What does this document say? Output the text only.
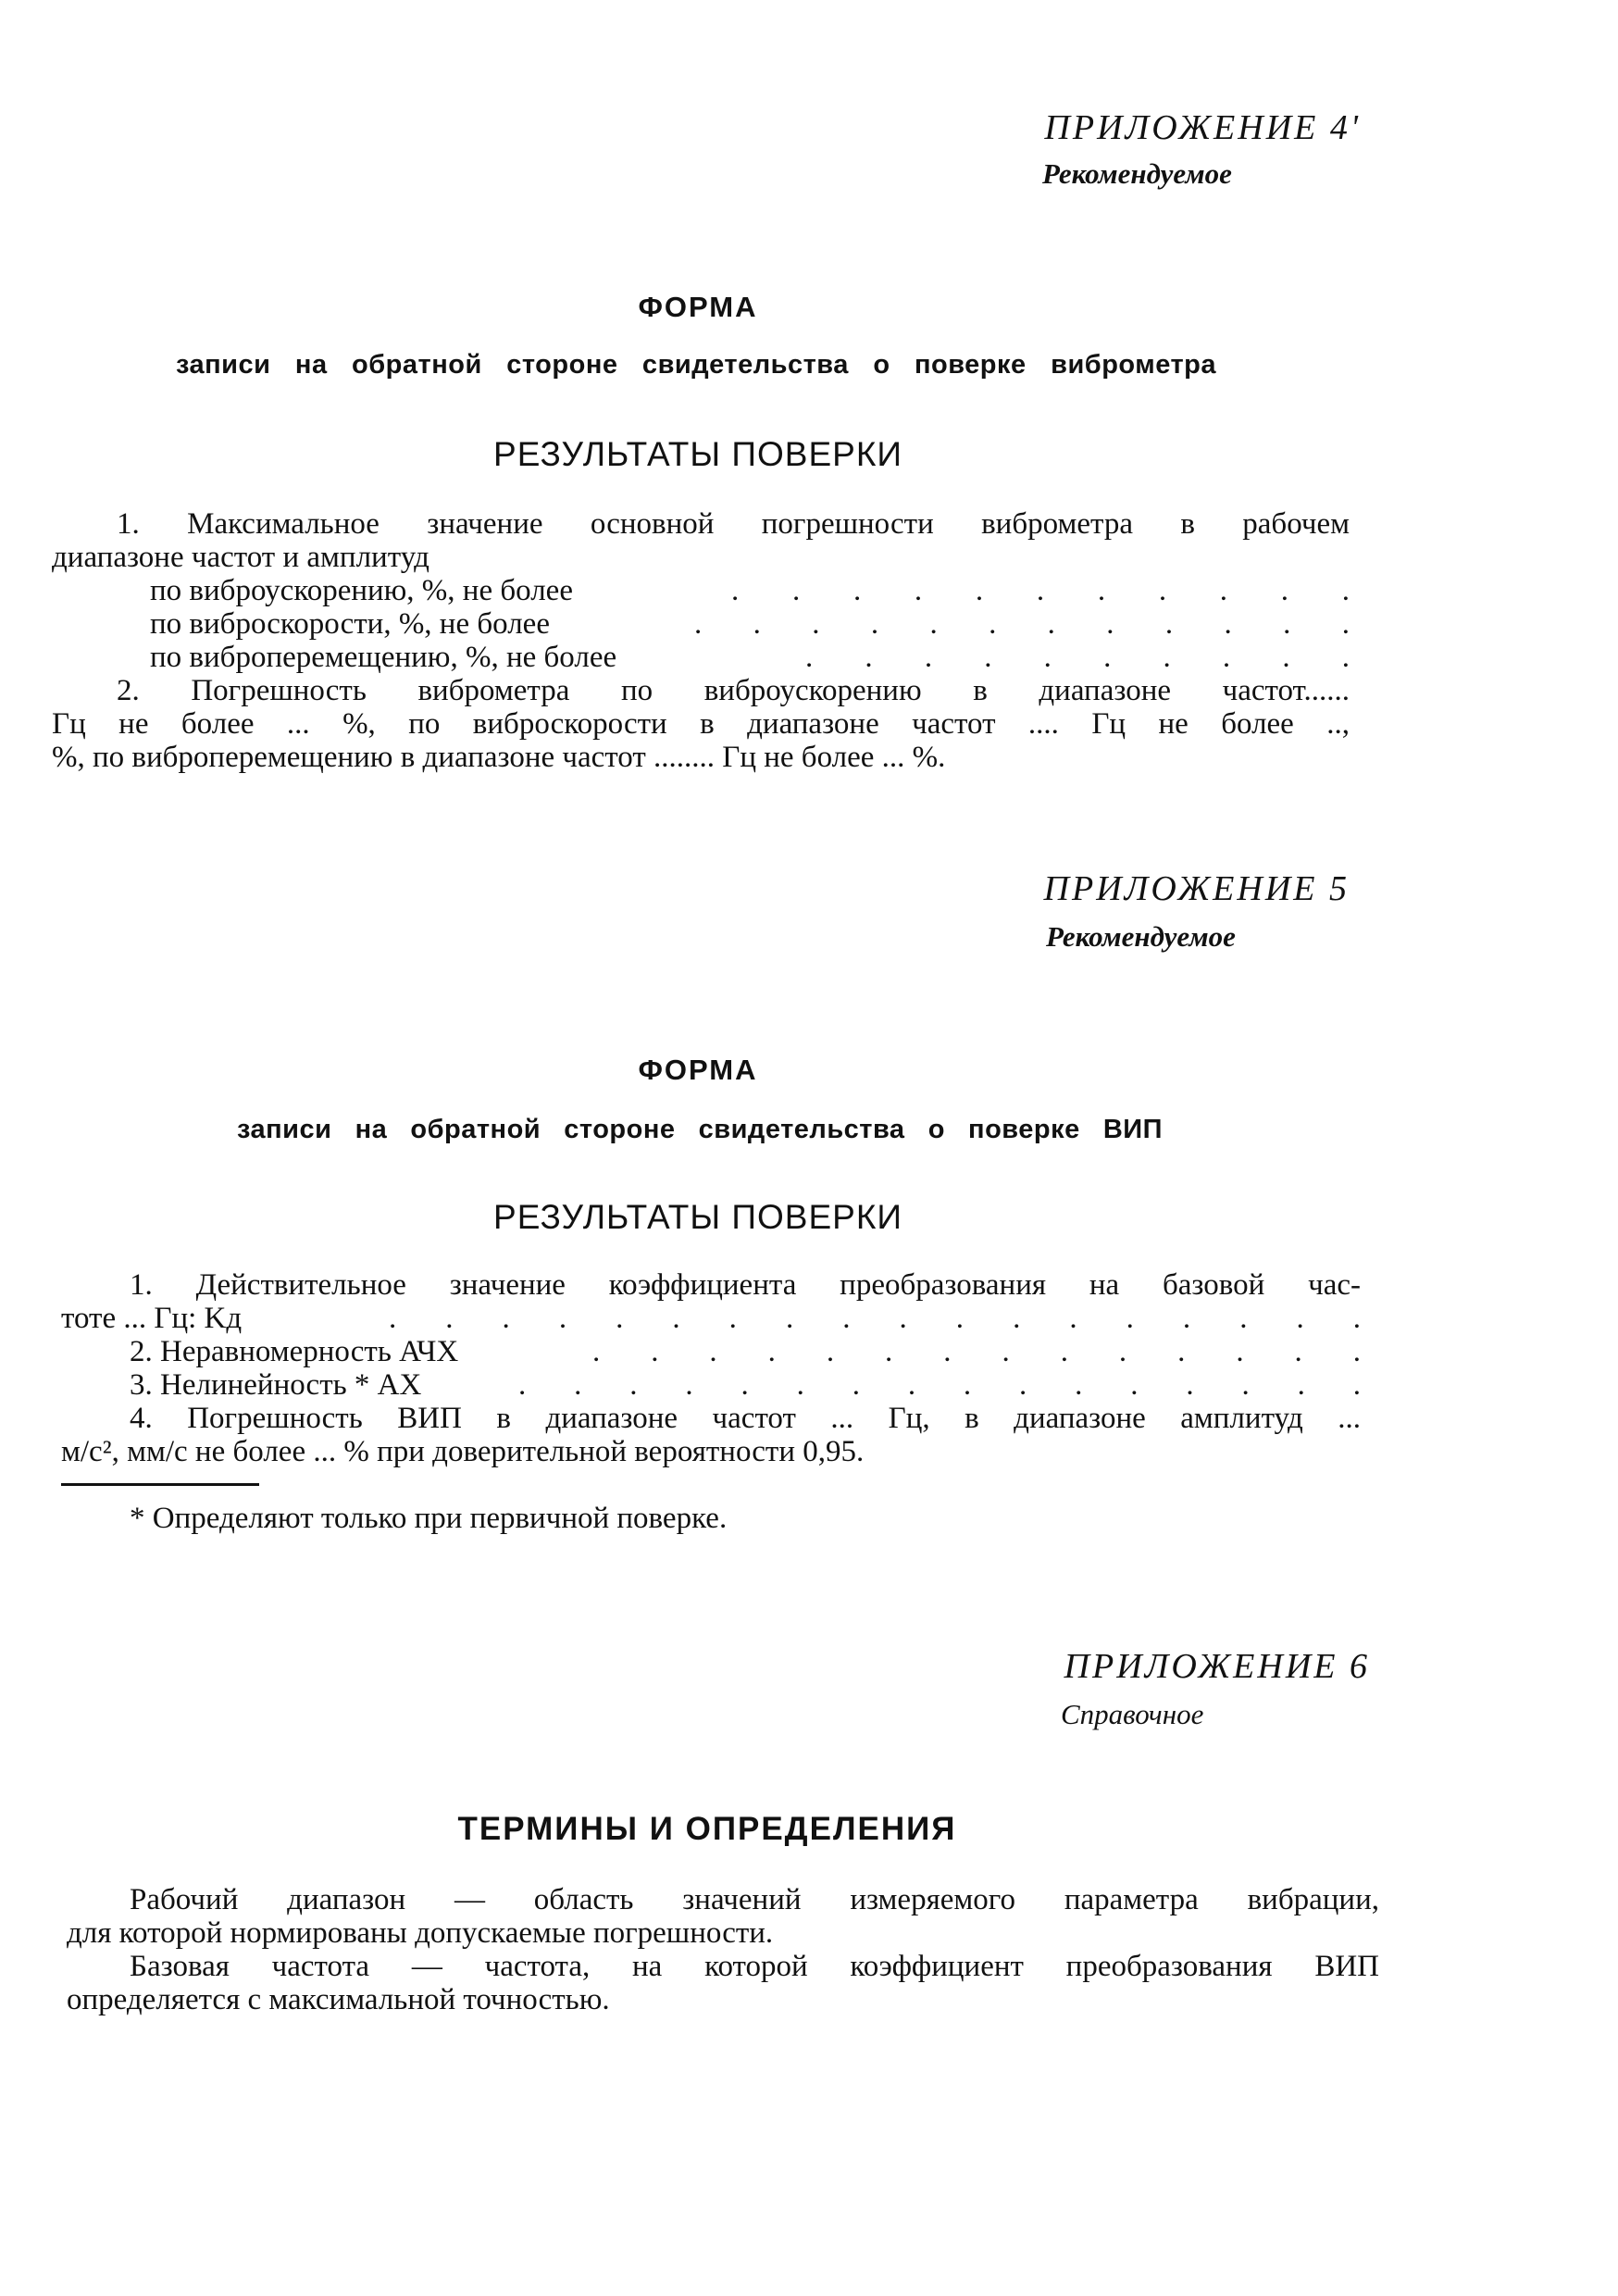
ПРИЛОЖЕНИЕ 4'
Рекомендуемое
ФОРМА
записи на обратной стороне свидетельства о поверке виброметра
РЕЗУЛЬТАТЫ ПОВЕРКИ
1. Максимальное значение основной погрешности виброметра в рабочем
диапазоне частот и амплитуд
по виброускорению, %, не более	. . . . . . . . . . .
по виброскорости, %, не более	. . . . . . . . . . . .
по виброперемещению, %, не более	. . . . . . . . . .
2. Погрешность виброметра по виброускорению в диапазоне частот......
Гц не более ... %, по виброскорости в диапазоне частот .... Гц не более ..,
%, по виброперемещению в диапазоне частот ........ Гц не более ... %.
ПРИЛОЖЕНИЕ 5
Рекомендуемое
ФОРМА
записи на обратной стороне свидетельства о поверке ВИП
РЕЗУЛЬТАТЫ ПОВЕРКИ
1. Действительное значение коэффициента преобразования на базовой час-
тоте ... Гц: Kд	. . . . . . . . . . . . . . . . . .
2. Неравномерность АЧХ	. . . . . . . . . . . . . .
3. Нелинейность * АХ	. . . . . . . . . . . . . . . .
4. Погрешность ВИП в диапазоне частот ... Гц, в диапазоне амплитуд ...
м/с², мм/с не более ... % при доверительной вероятности 0,95.
* Определяют только при первичной поверке.
ПРИЛОЖЕНИЕ 6
Справочное
ТЕРМИНЫ И ОПРЕДЕЛЕНИЯ
Рабочий диапазон — область значений измеряемого параметра вибрации,
для которой нормированы допускаемые погрешности.
Базовая частота — частота, на которой коэффициент преобразования ВИП
определяется с максимальной точностью.
